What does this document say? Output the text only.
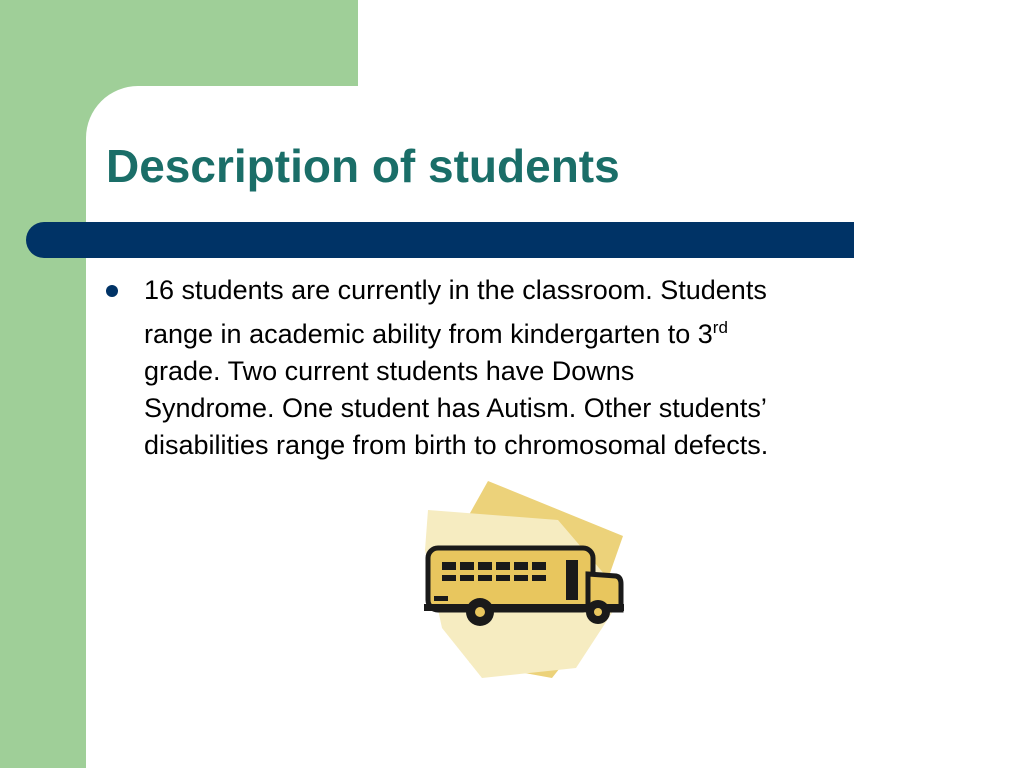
Description of students
16 students are currently in the classroom. Students
range in academic ability from kindergarten to 3rd
grade. Two current students have Downs
Syndrome. One student has Autism. Other students’
disabilities range from birth to chromosomal defects.
